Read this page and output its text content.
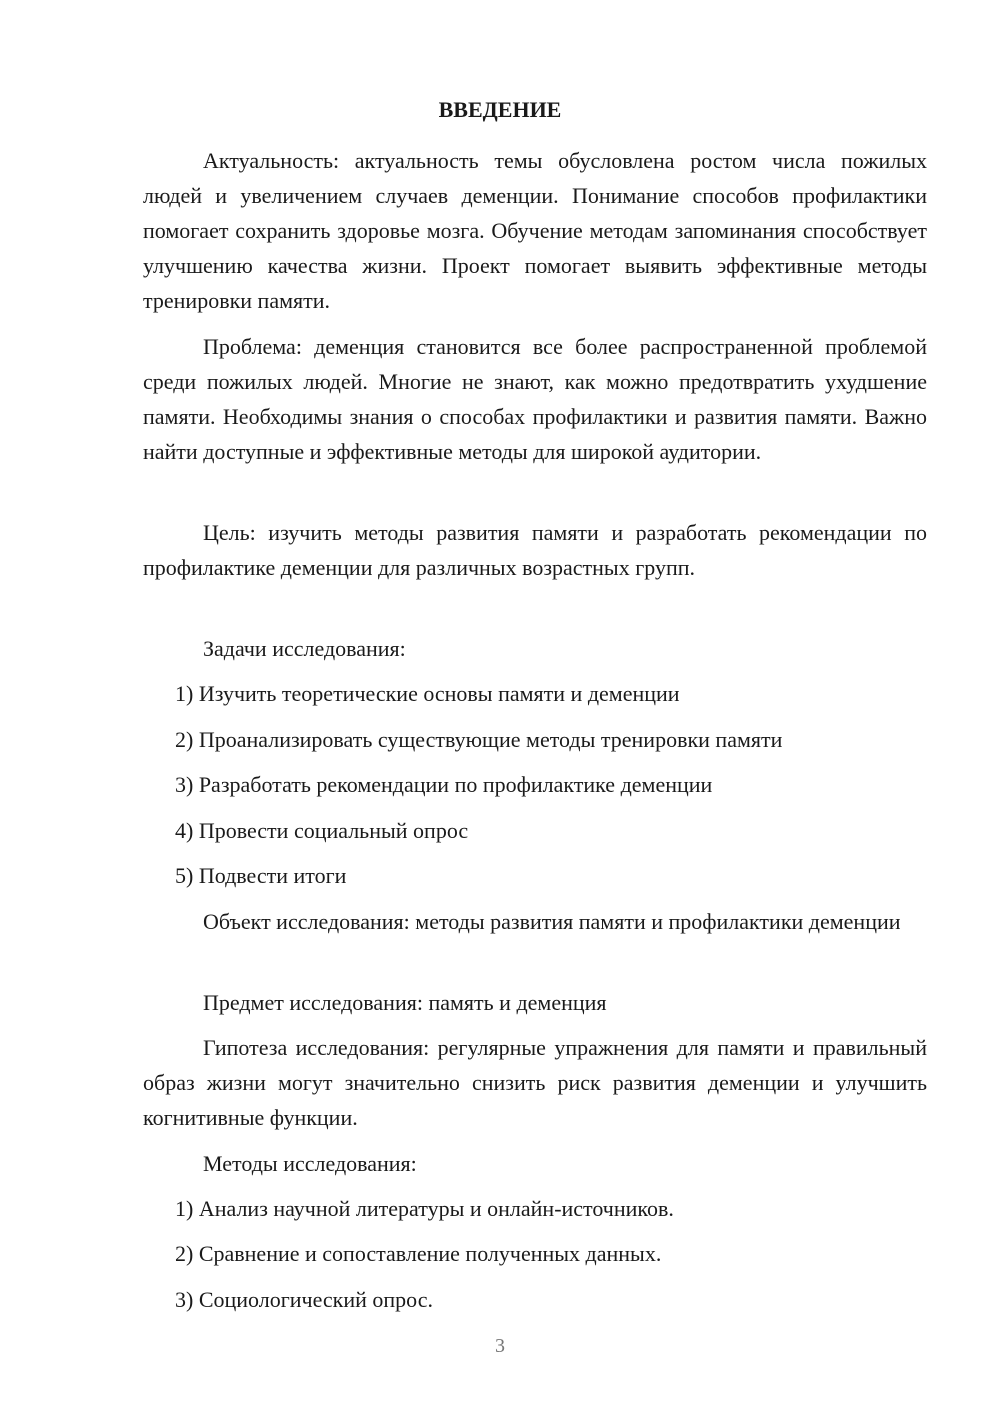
ВВЕДЕНИЕ

Актуальность: актуальность темы обусловлена ростом числа пожилых людей и увеличением случаев деменции. Понимание способов профилактики помогает сохранить здоровье мозга. Обучение методам запоминания способствует улучшению качества жизни. Проект помогает выявить эффективные методы тренировки памяти.

Проблема: деменция становится все более распространенной проблемой среди пожилых людей. Многие не знают, как можно предотвратить ухудшение памяти. Необходимы знания о способах профилактики и развития памяти. Важно найти доступные и эффективные методы для широкой аудитории.

Цель: изучить методы развития памяти и разработать рекомендации по профилактике деменции для различных возрастных групп.

Задачи исследования:

1) Изучить теоретические основы памяти и деменции

2) Проанализировать существующие методы тренировки памяти

3) Разработать рекомендации по профилактике деменции

4) Провести социальный опрос

5) Подвести итоги

Объект исследования: методы развития памяти и профилактики деменции

Предмет исследования: память и деменция

Гипотеза исследования: регулярные упражнения для памяти и правильный образ жизни могут значительно снизить риск развития деменции и улучшить когнитивные функции.

Методы исследования:

1) Анализ научной литературы и онлайн-источников.

2) Сравнение и сопоставление полученных данных.

3) Социологический опрос.

3
